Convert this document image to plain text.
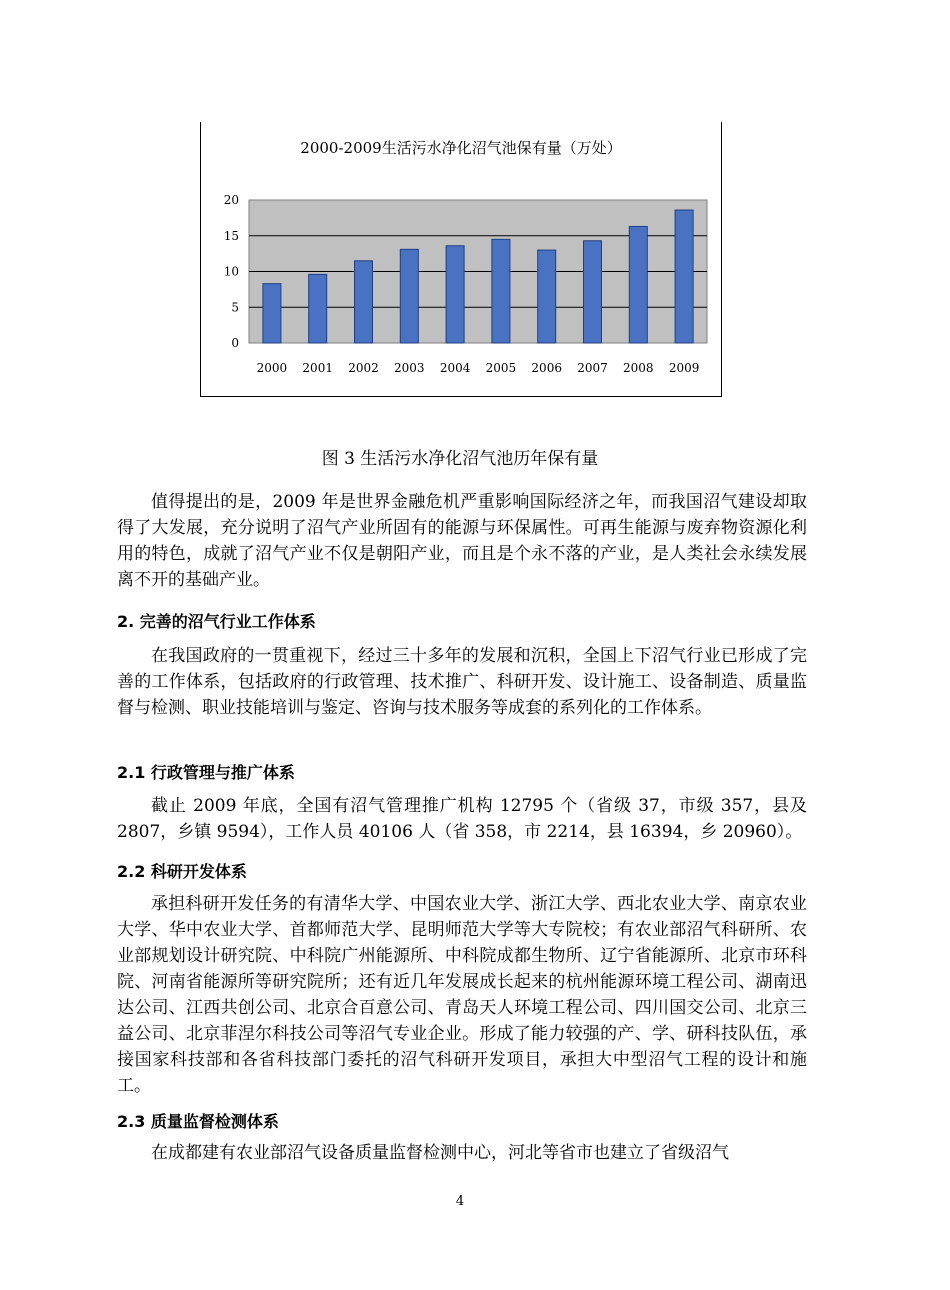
2000-2009生活污水净化沼气池保有量（万处）
0
5
10
15
20
2000 2001 2002 2003 2004 2005 2006 2007 2008 2009
图 3 生活污水净化沼气池历年保有量

值得提出的是，2009 年是世界金融危机严重影响国际经济之年，而我国沼气建设却取得了大发展，充分说明了沼气产业所固有的能源与环保属性。可再生能源与废弃物资源化利用的特色，成就了沼气产业不仅是朝阳产业，而且是个永不落的产业，是人类社会永续发展离不开的基础产业。

2. 完善的沼气行业工作体系

在我国政府的一贯重视下，经过三十多年的发展和沉积，全国上下沼气行业已形成了完善的工作体系，包括政府的行政管理、技术推广、科研开发、设计施工、设备制造、质量监督与检测、职业技能培训与鉴定、咨询与技术服务等成套的系列化的工作体系。

2.1 行政管理与推广体系

截止 2009 年底，全国有沼气管理推广机构 12795 个（省级 37，市级 357，县及 2807，乡镇 9594），工作人员 40106 人（省 358，市 2214，县 16394，乡 20960）。

2.2 科研开发体系

承担科研开发任务的有清华大学、中国农业大学、浙江大学、西北农业大学、南京农业大学、华中农业大学、首都师范大学、昆明师范大学等大专院校；有农业部沼气科研所、农业部规划设计研究院、中科院广州能源所、中科院成都生物所、辽宁省能源所、北京市环科院、河南省能源所等研究院所；还有近几年发展成长起来的杭州能源环境工程公司、湖南迅达公司、江西共创公司、北京合百意公司、青岛天人环境工程公司、四川国交公司、北京三益公司、北京菲涅尔科技公司等沼气专业企业。形成了能力较强的产、学、研科技队伍，承接国家科技部和各省科技部门委托的沼气科研开发项目，承担大中型沼气工程的设计和施工。

2.3 质量监督检测体系

在成都建有农业部沼气设备质量监督检测中心，河北等省市也建立了省级沼气

4
